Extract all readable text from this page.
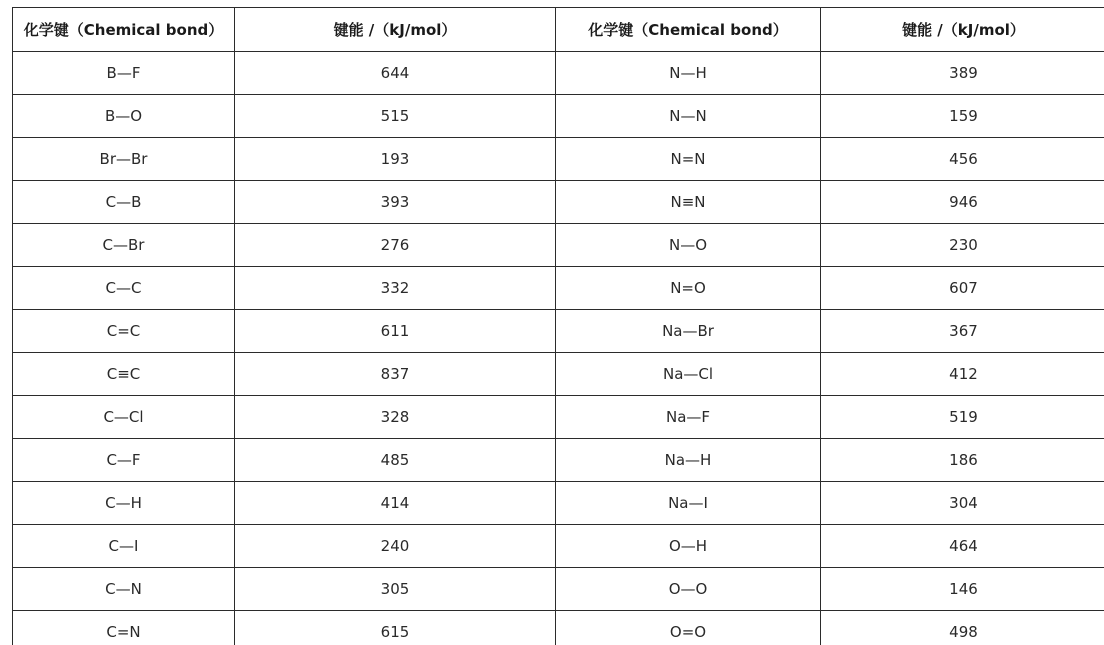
化学键（Chemical bond）	键能 /（kJ/mol）	化学键（Chemical bond）	键能 /（kJ/mol）
B—F	644	N—H	389
B—O	515	N—N	159
Br—Br	193	N=N	456
C—B	393	N≡N	946
C—Br	276	N—O	230
C—C	332	N=O	607
C=C	611	Na—Br	367
C≡C	837	Na—Cl	412
C—Cl	328	Na—F	519
C—F	485	Na—H	186
C—H	414	Na—I	304
C—I	240	O—H	464
C—N	305	O—O	146
C=N	615	O=O	498
